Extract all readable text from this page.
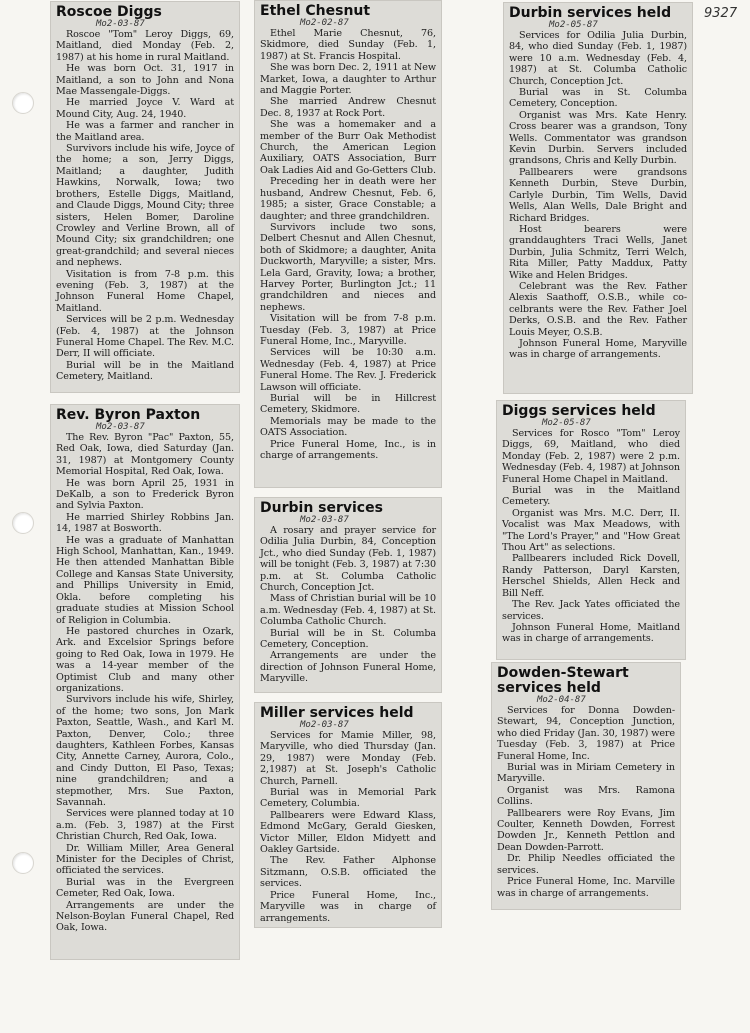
9327
Roscoe Diggs
Mo2-03-87

Roscoe "Tom" Leroy Diggs, 69, Maitland, died Monday (Feb. 2, 1987) at his home in rural Maitland.

He was born Oct. 31, 1917 in Maitland, a son to John and Nona Mae Massengale-Diggs.

He married Joyce V. Ward at Mound City, Aug. 24, 1940.

He was a farmer and rancher in the Maitland area.

Survivors include his wife, Joyce of the home; a son, Jerry Diggs, Maitland; a daughter, Judith Hawkins, Norwalk, Iowa; two brothers, Estelle Diggs, Maitland, and Claude Diggs, Mound City; three sisters, Helen Bomer, Daroline Crowley and Verline Brown, all of Mound City; six grandchildren; one great-grandchild; and several nieces and nephews.

Visitation is from 7-8 p.m. this evening (Feb. 3, 1987) at the Johnson Funeral Home Chapel, Maitland.

Services will be 2 p.m. Wednesday (Feb. 4, 1987) at the Johnson Funeral Home Chapel. The Rev. M.C. Derr, II will officiate.

Burial will be in the Maitland Cemetery, Maitland.

Rev. Byron Paxton
Mo2-03-87

The Rev. Byron "Pac" Paxton, 55, Red Oak, Iowa, died Saturday (Jan. 31, 1987) at Montgomery County Memorial Hospital, Red Oak, Iowa.

He was born April 25, 1931 in DeKalb, a son to Frederick Byron and Sylvia Paxton.

He married Shirley Robbins Jan. 14, 1987 at Bosworth.

He was a graduate of Manhattan High School, Manhattan, Kan., 1949. He then attended Manhattan Bible College and Kansas State University, and Phillips University in Emid, Okla. before completing his graduate studies at Mission School of Religion in Columbia.

He pastored churches in Ozark, Ark. and Excelsior Springs before going to Red Oak, Iowa in 1979. He was a 14-year member of the Optimist Club and many other organizations.

Survivors include his wife, Shirley, of the home; two sons, Jon Mark Paxton, Seattle, Wash., and Karl M. Paxton, Denver, Colo.; three daughters, Kathleen Forbes, Kansas City, Annette Carney, Aurora, Colo., and Cindy Dutton, El Paso, Texas; nine grandchildren; and a stepmother, Mrs. Sue Paxton, Savannah.

Services were planned today at 10 a.m. (Feb. 3, 1987) at the First Christian Church, Red Oak, Iowa.

Dr. William Miller, Area General Minister for the Deciples of Christ, officiated the services.

Burial was in the Evergreen Cemeter, Red Oak, Iowa.

Arrangements are under the Nelson-Boylan Funeral Chapel, Red Oak, Iowa.

Ethel Chesnut
Mo2-02-87

Ethel Marie Chesnut, 76, Skidmore, died Sunday (Feb. 1, 1987) at St. Francis Hospital.

She was born Dec. 2, 1911 at New Market, Iowa, a daughter to Arthur and Maggie Porter.

She married Andrew Chesnut Dec. 8, 1937 at Rock Port.

She was a homemaker and a member of the Burr Oak Methodist Church, the American Legion Auxiliary, OATS Association, Burr Oak Ladies Aid and Go-Getters Club.

Preceding her in death were her husband, Andrew Chesnut, Feb. 6, 1985; a sister, Grace Constable; a daughter; and three grandchildren.

Survivors include two sons, Delbert Chesnut and Allen Chesnut, both of Skidmore; a daughter, Anita Duckworth, Maryville; a sister, Mrs. Lela Gard, Gravity, Iowa; a brother, Harvey Porter, Burlington Jct.; 11 grandchildren and nieces and nephews.

Visitation will be from 7-8 p.m. Tuesday (Feb. 3, 1987) at Price Funeral Home, Inc., Maryville.

Services will be 10:30 a.m. Wednesday (Feb. 4, 1987) at Price Funeral Home. The Rev. J. Frederick Lawson will officiate.

Burial will be in Hillcrest Cemetery, Skidmore.

Memorials may be made to the OATS Association.

Price Funeral Home, Inc., is in charge of arrangements.

Durbin services
Mo2-03-87

A rosary and prayer service for Odilia Julia Durbin, 84, Conception Jct., who died Sunday (Feb. 1, 1987) will be tonight (Feb. 3, 1987) at 7:30 p.m. at St. Columba Catholic Church, Conception Jct.

Mass of Christian burial will be 10 a.m. Wednesday (Feb. 4, 1987) at St. Columba Catholic Church.

Burial will be in St. Columba Cemetery, Conception.

Arrangements are under the direction of Johnson Funeral Home, Maryville.

Miller services held
Mo2-03-87

Services for Mamie Miller, 98, Maryville, who died Thursday (Jan. 29, 1987) were Monday (Feb. 2,1987) at St. Joseph's Catholic Church, Parnell.

Burial was in Memorial Park Cemetery, Columbia.

Pallbearers were Edward Klass, Edmond McGary, Gerald Giesken, Victor Miller, Eldon Midyett and Oakley Gartside.

The Rev. Father Alphonse Sitzmann, O.S.B. officiated the services.

Price Funeral Home, Inc., Maryville was in charge of arrangements.

Durbin services held
Mo2-05-87

Services for Odilia Julia Durbin, 84, who died Sunday (Feb. 1, 1987) were 10 a.m. Wednesday (Feb. 4, 1987) at St. Columba Catholic Church, Conception Jct.

Burial was in St. Columba Cemetery, Conception.

Organist was Mrs. Kate Henry. Cross bearer was a grandson, Tony Wells. Commentator was grandson Kevin Durbin. Servers included grandsons, Chris and Kelly Durbin.

Pallbearers were grandsons Kenneth Durbin, Steve Durbin, Carlyle Durbin, Tim Wells, David Wells, Alan Wells, Dale Bright and Richard Bridges.

Host bearers were granddaughters Traci Wells, Janet Durbin, Julia Schmitz, Terri Welch, Rita Miller, Patty Maddux, Patty Wike and Helen Bridges.

Celebrant was the Rev. Father Alexis Saathoff, O.S.B., while co-celbrants were the Rev. Father Joel Derks, O.S.B. and the Rev. Father Louis Meyer, O.S.B.

Johnson Funeral Home, Maryville was in charge of arrangements.

Diggs services held
Mo2-05-87

Services for Rosco "Tom" Leroy Diggs, 69, Maitland, who died Monday (Feb. 2, 1987) were 2 p.m. Wednesday (Feb. 4, 1987) at Johnson Funeral Home Chapel in Maitland.

Burial was in the Maitland Cemetery.

Organist was Mrs. M.C. Derr, II. Vocalist was Max Meadows, with "The Lord's Prayer," and "How Great Thou Art" as selections.

Pallbearers included Rick Dovell, Randy Patterson, Daryl Karsten, Herschel Shields, Allen Heck and Bill Neff.

The Rev. Jack Yates officiated the services.

Johnson Funeral Home, Maitland was in charge of arrangements.

Dowden-Stewart services held
Mo2-04-87

Services for Donna Dowden-Stewart, 94, Conception Junction, who died Friday (Jan. 30, 1987) were Tuesday (Feb. 3, 1987) at Price Funeral Home, Inc.

Burial was in Miriam Cemetery in Maryville.

Organist was Mrs. Ramona Collins.

Pallbearers were Roy Evans, Jim Coulter, Kenneth Dowden, Forrest Dowden Jr., Kenneth Pettlon and Dean Dowden-Parrott.

Dr. Philip Needles officiated the services.

Price Funeral Home, Inc. Marville was in charge of arrangements.
